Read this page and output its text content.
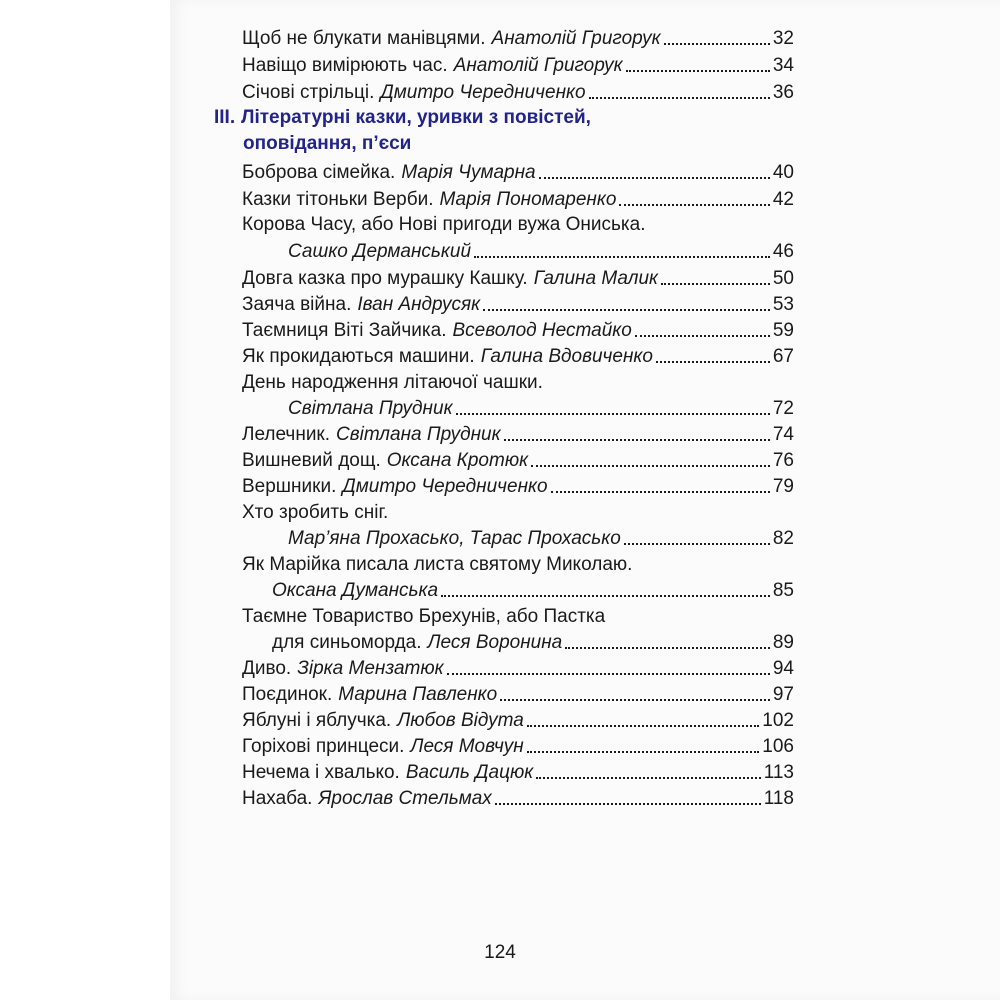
Щоб не блукати манівцями. Анатолій Григорук	32
Навіщо вимірюють час. Анатолій Григорук	34
Січові стрільці. Дмитро Чередниченко	36
ІІІ. Літературні казки, уривки з повістей,
оповідання, п’єси
Боброва сімейка. Марія Чумарна	40
Казки тітоньки Верби. Марія Пономаренко	42
Корова Часу, або Нові пригоди вужа Ониська.
Сашко Дерманський	46
Довга казка про мурашку Кашку. Галина Малик	50
Заяча війна. Іван Андрусяк	53
Таємниця Віті Зайчика. Всеволод Нестайко	59
Як прокидаються машини. Галина Вдовиченко	67
День народження літаючої чашки.
Світлана Прудник	72
Лелечник. Світлана Прудник	74
Вишневий дощ. Оксана Кротюк	76
Вершники. Дмитро Чередниченко	79
Хто зробить сніг.
Мар’яна Прохасько, Тарас Прохасько	82
Як Марійка писала листа святому Миколаю.
Оксана Думанська	85
Таємне Товариство Брехунів, або Пастка
для синьоморда. Леся Воронина	89
Диво. Зірка Мензатюк	94
Поєдинок. Марина Павленко	97
Яблуні і яблучка. Любов Відута	102
Горіхові принцеси. Леся Мовчун	106
Нечема і хвалько. Василь Дацюк	113
Нахаба. Ярослав Стельмах	118
124
